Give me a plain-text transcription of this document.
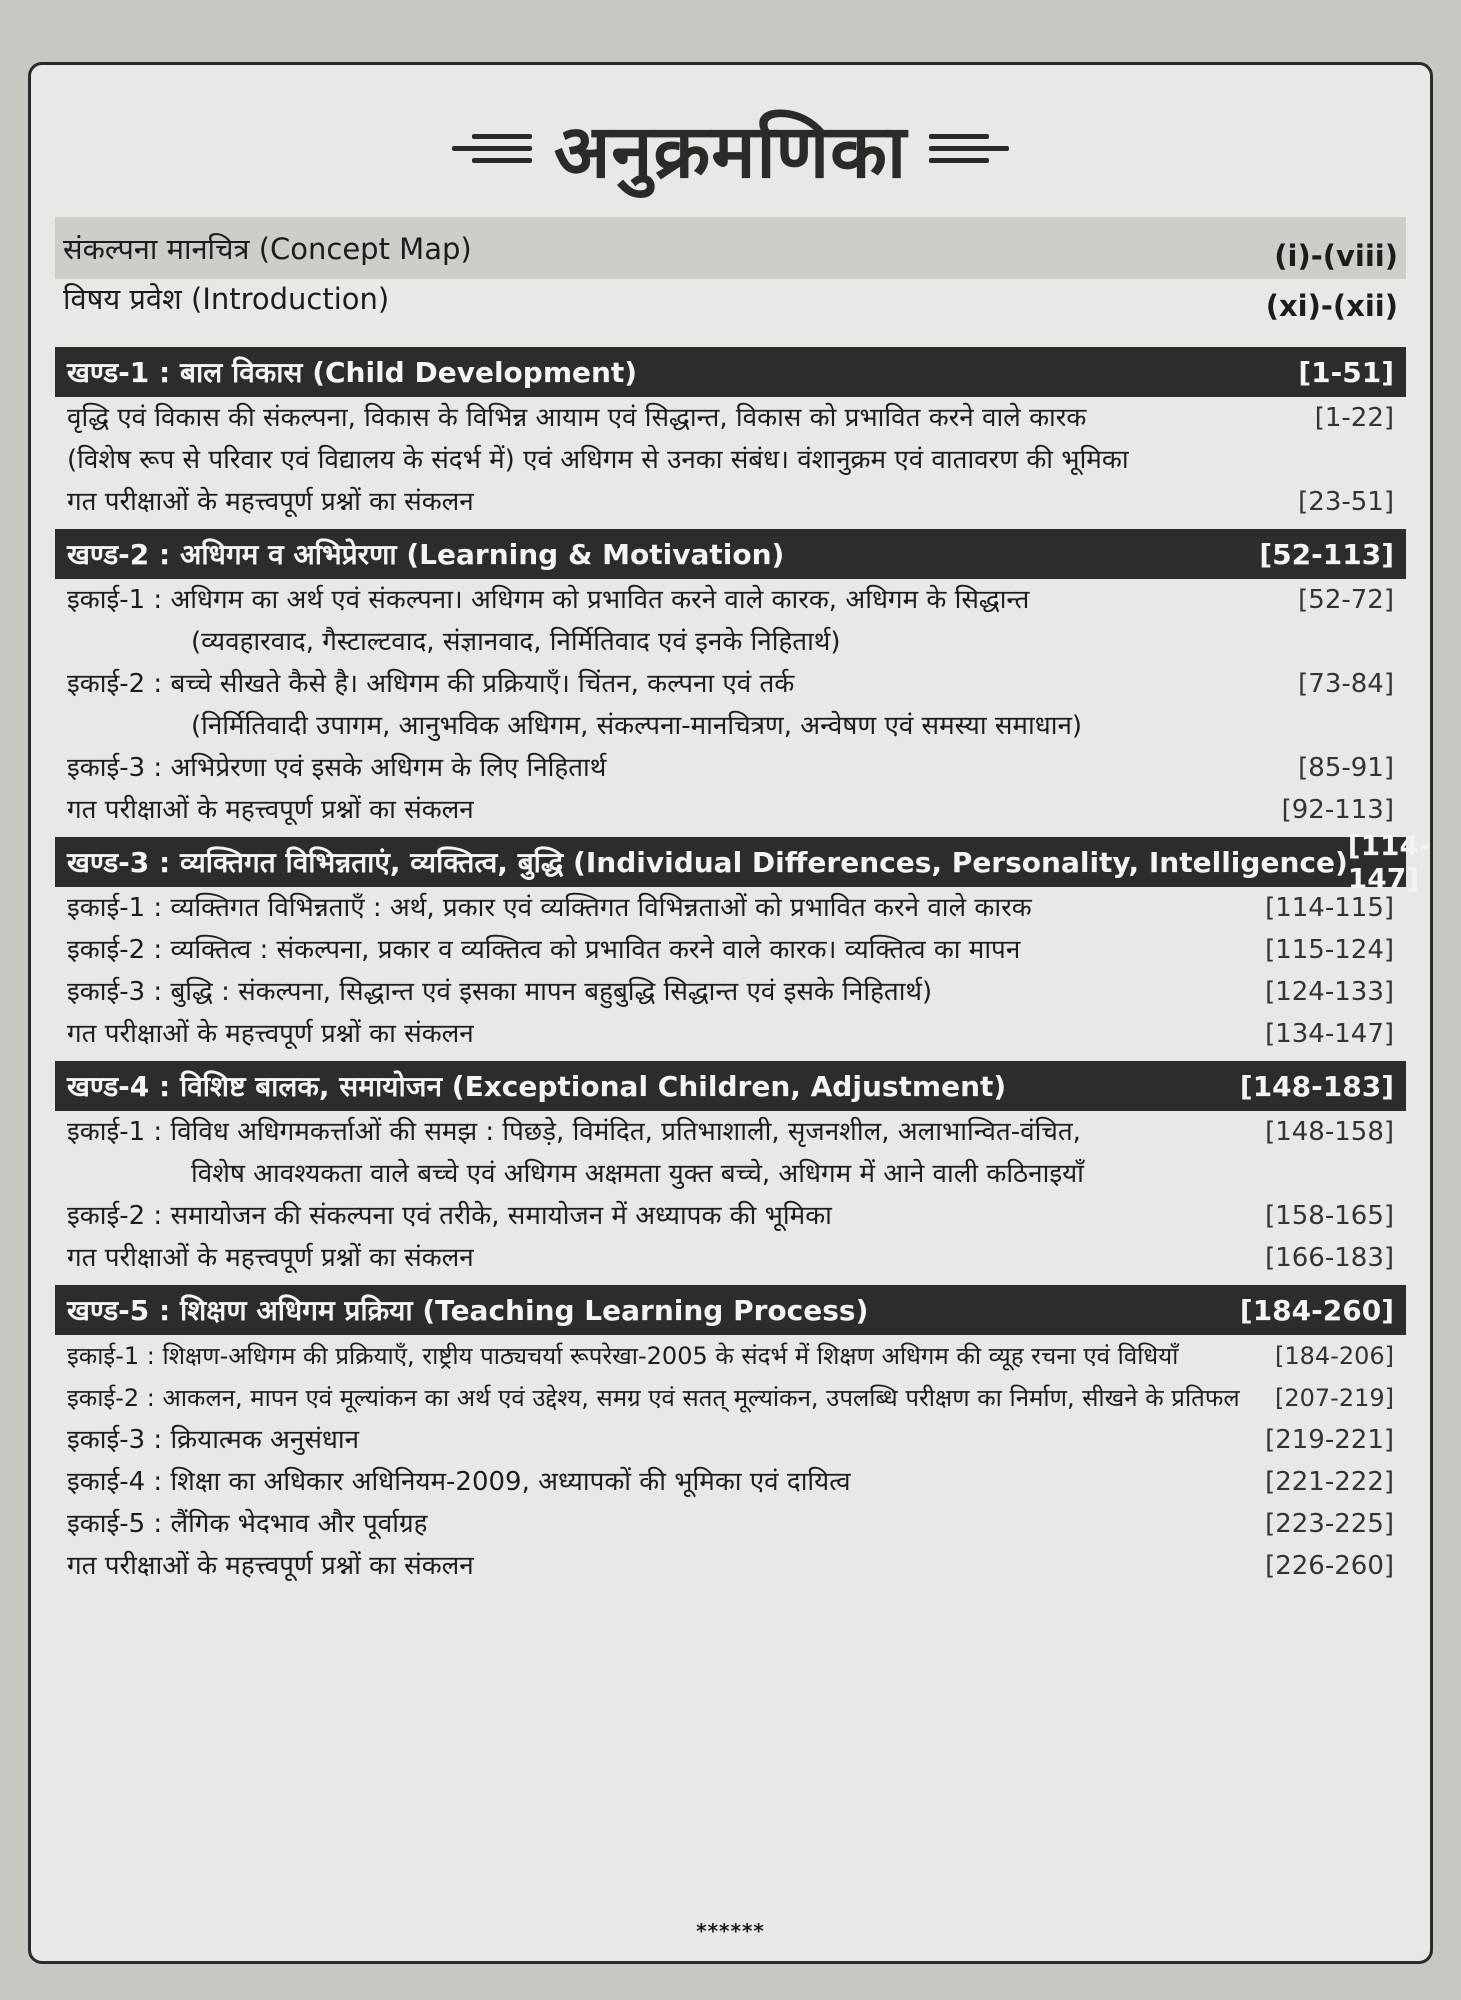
अनुक्रमणिका
संकल्पना मानचित्र (Concept Map)	(i)-(viii)
विषय प्रवेश (Introduction)	(xi)-(xii)
खण्ड-1 : बाल विकास (Child Development)	[1-51]
वृद्धि एवं विकास की संकल्पना, विकास के विभिन्न आयाम एवं सिद्धान्त, विकास को प्रभावित करने वाले कारक	[1-22]
(विशेष रूप से परिवार एवं विद्यालय के संदर्भ में) एवं अधिगम से उनका संबंध। वंशानुक्रम एवं वातावरण की भूमिका
गत परीक्षाओं के महत्त्वपूर्ण प्रश्नों का संकलन	[23-51]
खण्ड-2 : अधिगम व अभिप्रेरणा (Learning & Motivation)	[52-113]
इकाई-1 : अधिगम का अर्थ एवं संकल्पना। अधिगम को प्रभावित करने वाले कारक, अधिगम के सिद्धान्त	[52-72]
(व्यवहारवाद, गैस्टाल्टवाद, संज्ञानवाद, निर्मितिवाद एवं इनके निहितार्थ)
इकाई-2 : बच्चे सीखते कैसे है। अधिगम की प्रक्रियाएँ। चिंतन, कल्पना एवं तर्क	[73-84]
(निर्मितिवादी उपागम, आनुभविक अधिगम, संकल्पना-मानचित्रण, अन्वेषण एवं समस्या समाधान)
इकाई-3 : अभिप्रेरणा एवं इसके अधिगम के लिए निहितार्थ	[85-91]
गत परीक्षाओं के महत्त्वपूर्ण प्रश्नों का संकलन	[92-113]
खण्ड-3 : व्यक्तिगत विभिन्नताएं, व्यक्तित्व, बुद्धि (Individual Differences, Personality, Intelligence)
[114-147]
इकाई-1 : व्यक्तिगत विभिन्नताएँ : अर्थ, प्रकार एवं व्यक्तिगत विभिन्नताओं को प्रभावित करने वाले कारक	[114-115]
इकाई-2 : व्यक्तित्व : संकल्पना, प्रकार व व्यक्तित्व को प्रभावित करने वाले कारक। व्यक्तित्व का मापन	[115-124]
इकाई-3 : बुद्धि : संकल्पना, सिद्धान्त एवं इसका मापन बहुबुद्धि सिद्धान्त एवं इसके निहितार्थ)	[124-133]
गत परीक्षाओं के महत्त्वपूर्ण प्रश्नों का संकलन	[134-147]
खण्ड-4 : विशिष्ट बालक, समायोजन (Exceptional Children, Adjustment)	[148-183]
इकाई-1 : विविध अधिगमकर्त्ताओं की समझ : पिछड़े, विमंदित, प्रतिभाशाली, सृजनशील, अलाभान्वित-वंचित,	[148-158]
विशेष आवश्यकता वाले बच्चे एवं अधिगम अक्षमता युक्त बच्चे, अधिगम में आने वाली कठिनाइयाँ
इकाई-2 : समायोजन की संकल्पना एवं तरीके, समायोजन में अध्यापक की भूमिका	[158-165]
गत परीक्षाओं के महत्त्वपूर्ण प्रश्नों का संकलन	[166-183]
खण्ड-5 : शिक्षण अधिगम प्रक्रिया (Teaching Learning Process)	[184-260]
इकाई-1 : शिक्षण-अधिगम की प्रक्रियाएँ, राष्ट्रीय पाठ्यचर्या रूपरेखा-2005 के संदर्भ में शिक्षण अधिगम की व्यूह रचना एवं विधियाँ	[184-206]
इकाई-2 : आकलन, मापन एवं मूल्यांकन का अर्थ एवं उद्देश्य, समग्र एवं सतत् मूल्यांकन, उपलब्धि परीक्षण का निर्माण, सीखने के प्रतिफल	[207-219]
इकाई-3 : क्रियात्मक अनुसंधान	[219-221]
इकाई-4 : शिक्षा का अधिकार अधिनियम-2009, अध्यापकों की भूमिका एवं दायित्व	[221-222]
इकाई-5 : लैंगिक भेदभाव और पूर्वाग्रह	[223-225]
गत परीक्षाओं के महत्त्वपूर्ण प्रश्नों का संकलन	[226-260]
******
